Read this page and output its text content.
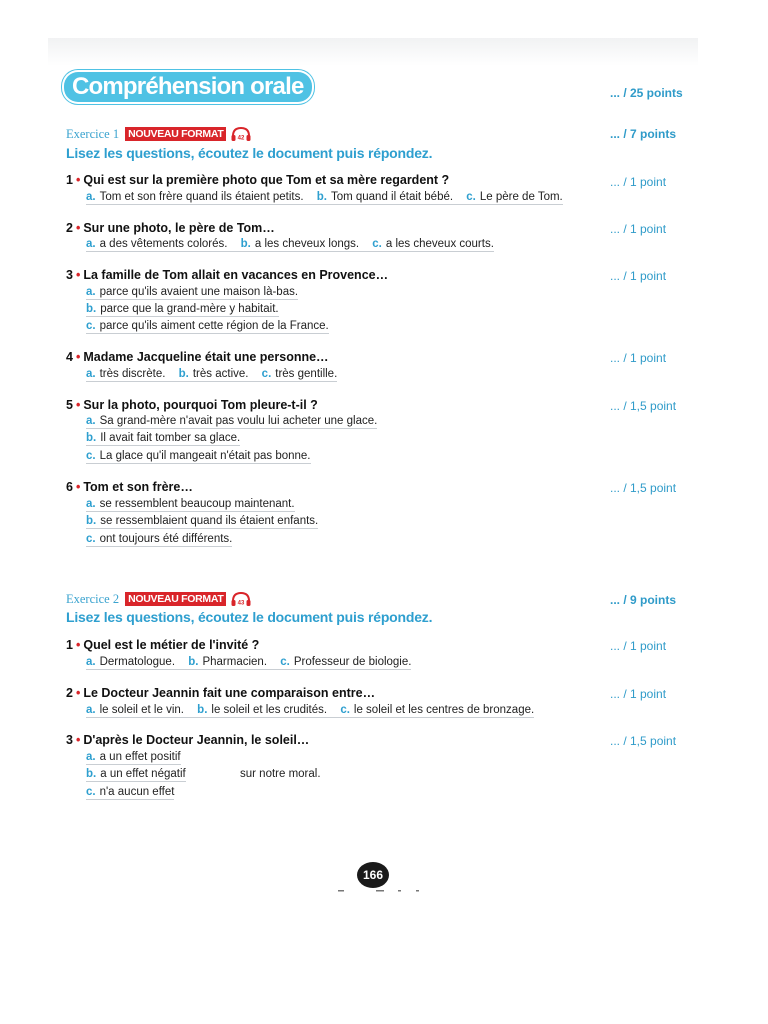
Compréhension orale	... / 25 points
Exercice 1 NOUVEAU FORMAT	42	... / 7 points
Lisez les questions, écoutez le document puis répondez.
1 • Qui est sur la première photo que Tom et sa mère regardent ?	... / 1 point
a. Tom et son frère quand ils étaient petits. b. Tom quand il était bébé. c. Le père de Tom.
2 • Sur une photo, le père de Tom…	... / 1 point
a. a des vêtements colorés. b. a les cheveux longs. c. a les cheveux courts.
3 • La famille de Tom allait en vacances en Provence…	... / 1 point
a. parce qu'ils avaient une maison là-bas.
b. parce que la grand-mère y habitait.
c. parce qu'ils aiment cette région de la France.
4 • Madame Jacqueline était une personne…	... / 1 point
a. très discrète. b. très active. c. très gentille.
5 • Sur la photo, pourquoi Tom pleure-t-il ?	... / 1,5 point
a. Sa grand-mère n'avait pas voulu lui acheter une glace.
b. Il avait fait tomber sa glace.
c. La glace qu'il mangeait n'était pas bonne.
6 • Tom et son frère…	... / 1,5 point
a. se ressemblent beaucoup maintenant.
b. se ressemblaient quand ils étaient enfants.
c. ont toujours été différents.
Exercice 2 NOUVEAU FORMAT	43	... / 9 points
Lisez les questions, écoutez le document puis répondez.
1 • Quel est le métier de l'invité ?	... / 1 point
a. Dermatologue. b. Pharmacien. c. Professeur de biologie.
2 • Le Docteur Jeannin fait une comparaison entre…	... / 1 point
a. le soleil et le vin. b. le soleil et les crudités. c. le soleil et les centres de bronzage.
3 • D'après le Docteur Jeannin, le soleil…	... / 1,5 point
a. a un effet positif
b. a un effet négatif	sur notre moral.
c. n'a aucun effet
166
